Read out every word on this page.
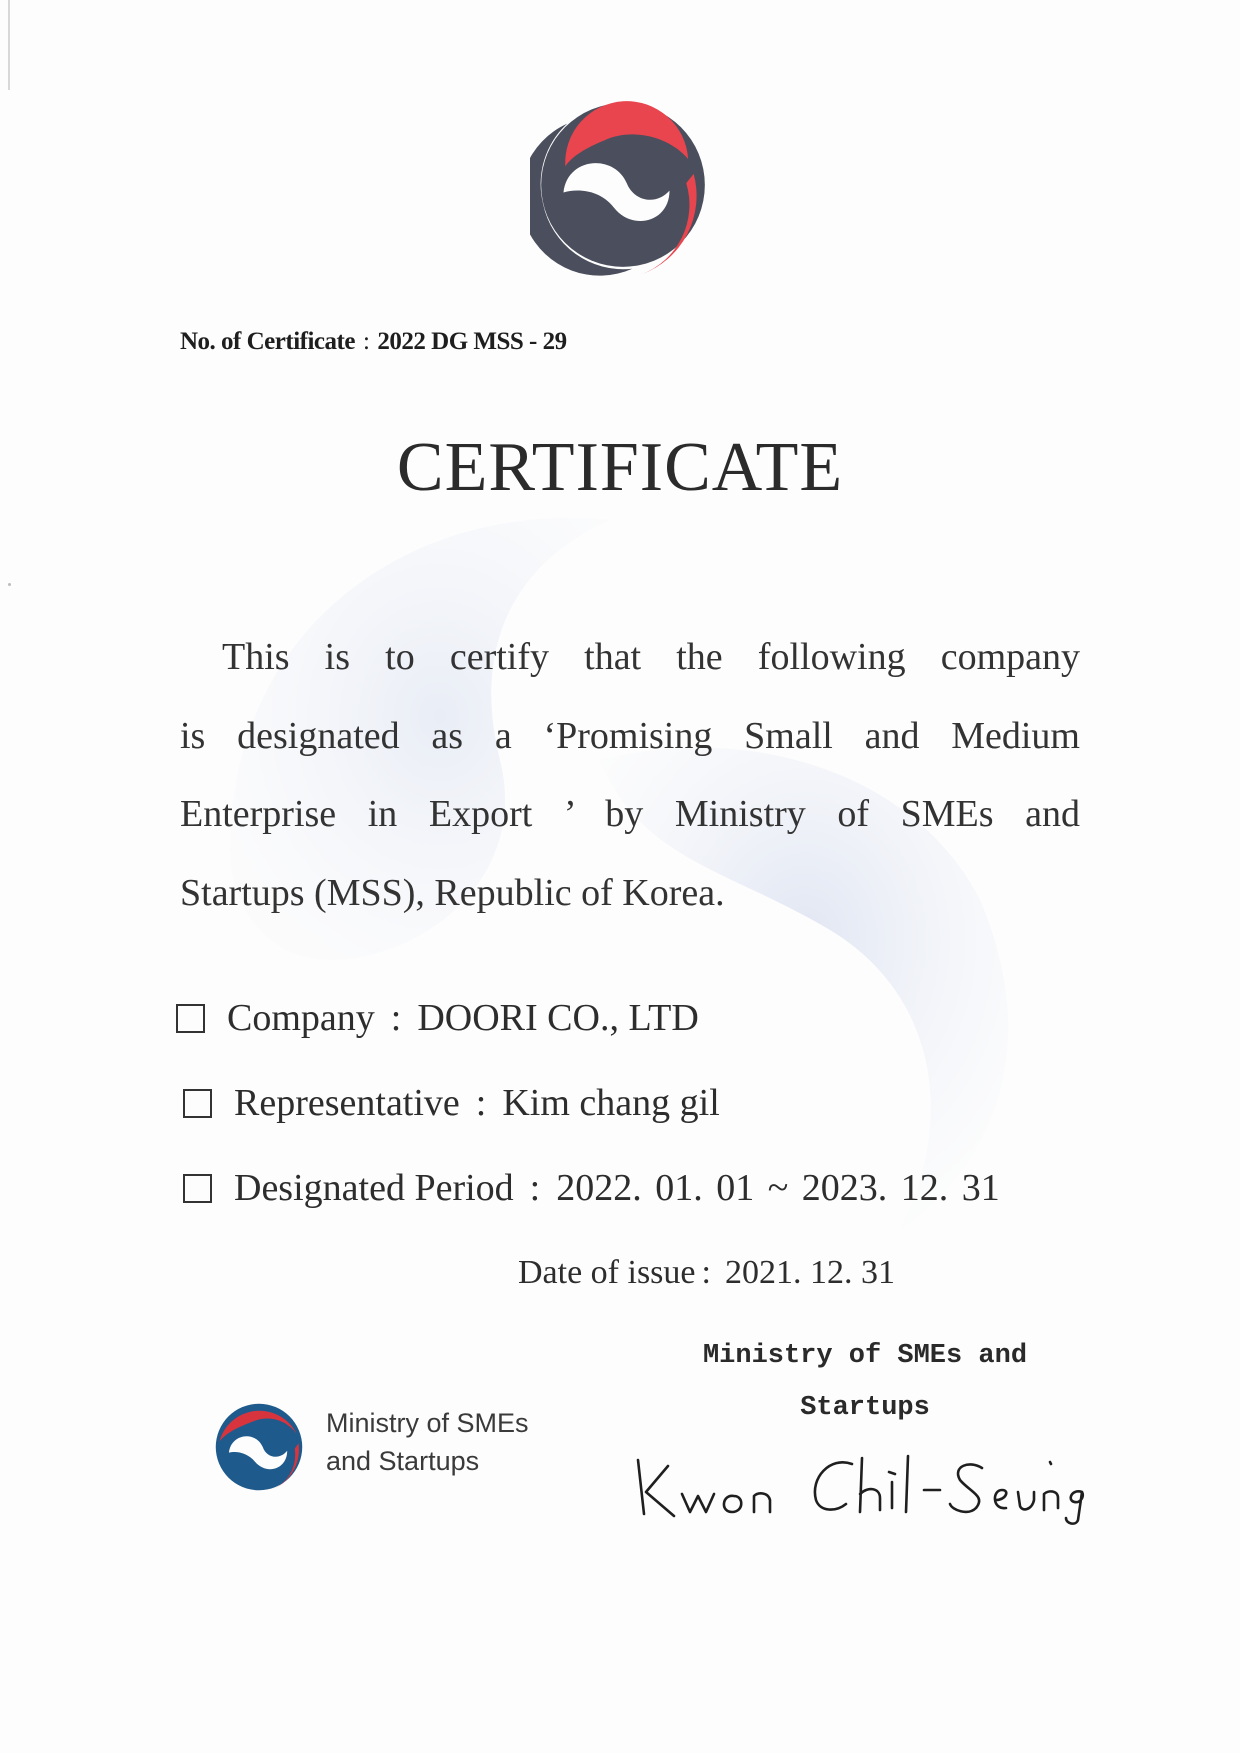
No. of Certificate : 2022 DG MSS - 29
CERTIFICATE
This is to certify that the following company
is designated as a ‘Promising Small and Medium
Enterprise in Export ’ by Ministry of SMEs and
Startups (MSS), Republic of Korea.
Company : DOORI CO., LTD
Representative : Kim chang gil
Designated Period : 2022. 01. 01 ~ 2023. 12. 31
Date of issue : 2021. 12. 31
Ministry of SMEs and
Startups
Ministry of SMEs
and Startups
